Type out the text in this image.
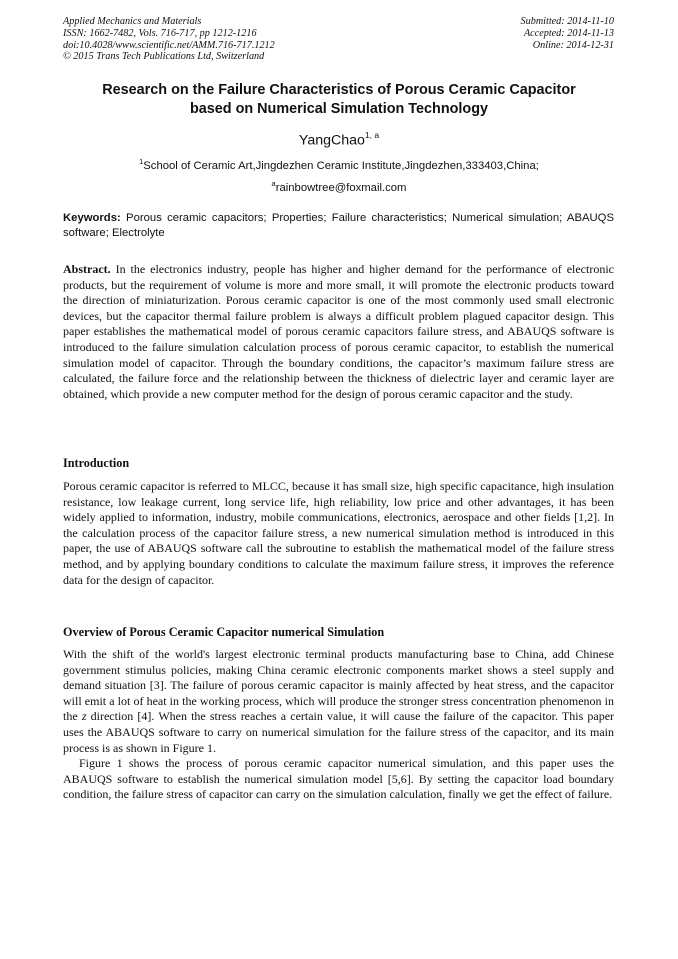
Applied Mechanics and Materials
ISSN: 1662-7482, Vols. 716-717, pp 1212-1216
doi:10.4028/www.scientific.net/AMM.716-717.1212
© 2015 Trans Tech Publications Ltd, Switzerland
Submitted: 2014-11-10
Accepted: 2014-11-13
Online: 2014-12-31
Research on the Failure Characteristics of Porous Ceramic Capacitor
based on Numerical Simulation Technology
YangChao$^{1, a}$
$^1$School of Ceramic Art,Jingdezhen Ceramic Institute,Jingdezhen,333403,China;
$^a$rainbowtree@foxmail.com
Keywords: Porous ceramic capacitors; Properties; Failure characteristics; Numerical simulation; ABAUQS software; Electrolyte

Abstract. In the electronics industry, people has higher and higher demand for the performance of electronic products, but the requirement of volume is more and more small, it will promote the electronic products toward the direction of miniaturization. Porous ceramic capacitor is one of the most commonly used small electronic devices, but the capacitor thermal failure problem is always a difficult problem plagued capacitor design. This paper establishes the mathematical model of porous ceramic capacitors failure stress, and ABAUQS software is introduced to the failure simulation calculation process of porous ceramic capacitor, to establish the numerical simulation model of capacitor. Through the boundary conditions, the capacitor’s maximum failure stress are calculated, the failure force and the relationship between the thickness of dielectric layer and ceramic layer are obtained, which provide a new computer method for the design of porous ceramic capacitor and the study.

Introduction

Porous ceramic capacitor is referred to MLCC, because it has small size, high specific capacitance, high insulation resistance, low leakage current, long service life, high reliability, low price and other advantages, it has been widely applied to information, industry, mobile communications, electronics, aerospace and other fields [1,2]. In the calculation process of the capacitor failure stress, a new numerical simulation method is introduced in this paper, the use of ABAUQS software call the subroutine to establish the mathematical model of the failure stress method, and by applying boundary conditions to calculate the maximum failure stress, it improves the reference data for the design of capacitor.

Overview of Porous Ceramic Capacitor numerical Simulation

With the shift of the world's largest electronic terminal products manufacturing base to China, add Chinese government stimulus policies, making China ceramic electronic components market shows a steel supply and demand situation [3]. The failure of porous ceramic capacitor is mainly affected by heat stress, and the capacitor will emit a lot of heat in the working process, which will produce the stronger stress concentration phenomenon in the z direction [4]. When the stress reaches a certain value, it will cause the failure of the capacitor. This paper uses the ABAUQS software to carry on numerical simulation for the failure stress of the capacitor, and its main process is as shown in Figure 1.

Figure 1 shows the process of porous ceramic capacitor numerical simulation, and this paper uses the ABAUQS software to establish the numerical simulation model [5,6]. By setting the capacitor load boundary condition, the failure stress of capacitor can carry on the simulation calculation, finally we get the effect of failure.
